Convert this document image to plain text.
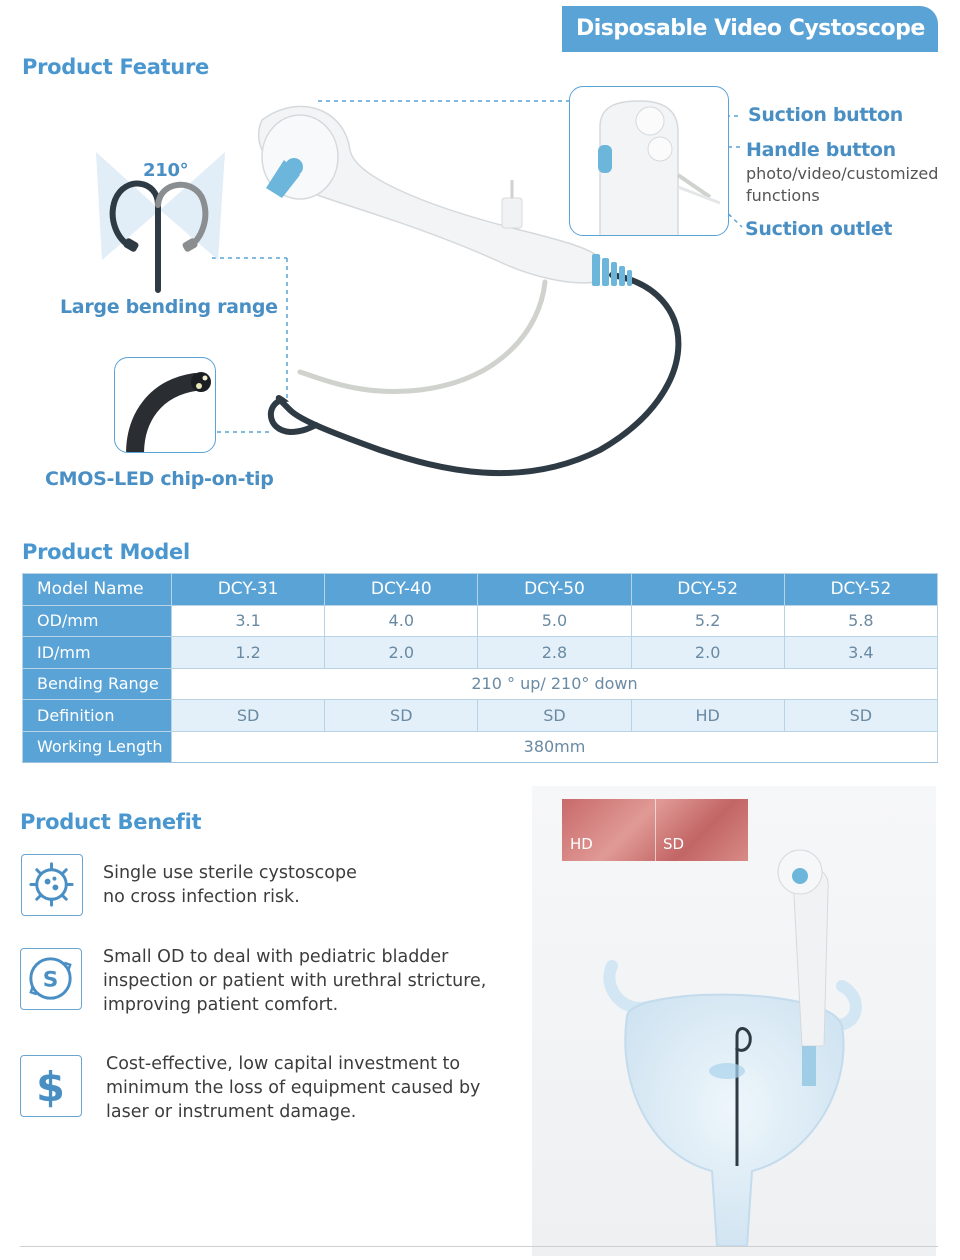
Disposable Video Cystoscope
Product Feature
210°
Large bending range
CMOS-LED chip-on-tip
Suction button
Handle button
photo/video/customized
functions
Suction outlet
Product Model
Model Name	DCY-31	DCY-40	DCY-50	DCY-52	DCY-52
OD/mm	3.1	4.0	5.0	5.2	5.8
ID/mm	1.2	2.0	2.8	2.0	3.4
Bending Range	210 ° up/ 210° down				
Definition	SD	SD	SD	HD	SD
Working Length	380mm				
Product Benefit
Single use sterile cystoscope
no cross infection risk.
S
Small OD to deal with pediatric bladder
inspection or patient with urethral stricture,
improving patient comfort.
$ Cost-effective, low capital investment to
minimum the loss of equipment caused by
laser or instrument damage.
HD	SD
